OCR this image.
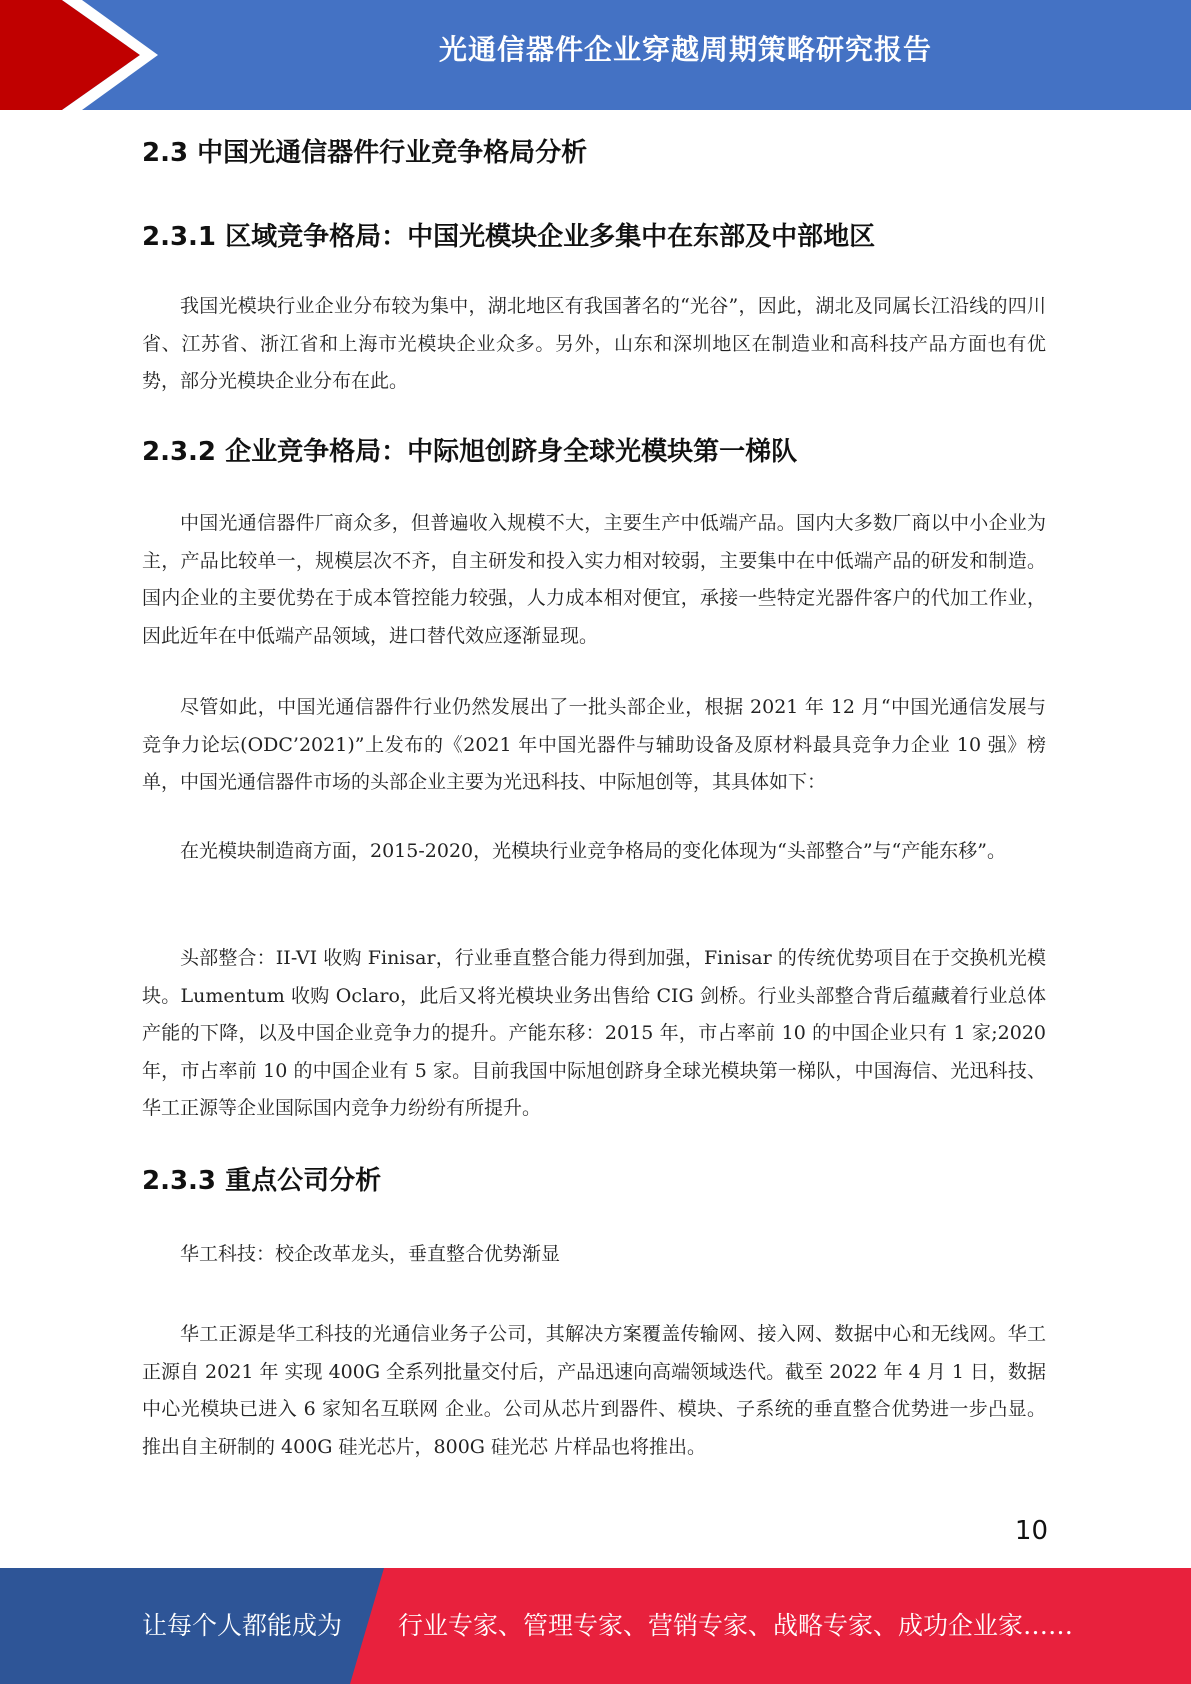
光通信器件企业穿越周期策略研究报告
2.3 中国光通信器件行业竞争格局分析
2.3.1 区域竞争格局：中国光模块企业多集中在东部及中部地区

我国光模块行业企业分布较为集中，湖北地区有我国著名的“光谷”，因此，湖北及同属长江沿线的四川省、江苏省、浙江省和上海市光模块企业众多。另外，山东和深圳地区在制造业和高科技产品方面也有优势，部分光模块企业分布在此。

2.3.2 企业竞争格局：中际旭创跻身全球光模块第一梯队

中国光通信器件厂商众多，但普遍收入规模不大，主要生产中低端产品。国内大多数厂商以中小企业为主，产品比较单一，规模层次不齐，自主研发和投入实力相对较弱，主要集中在中低端产品的研发和制造。国内企业的主要优势在于成本管控能力较强，人力成本相对便宜，承接一些特定光器件客户的代加工作业，因此近年在中低端产品领域，进口替代效应逐渐显现。

尽管如此，中国光通信器件行业仍然发展出了一批头部企业，根据 2021 年 12 月“中国光通信发展与竞争力论坛(ODC’2021)”上发布的《2021 年中国光器件与辅助设备及原材料最具竞争力企业 10 强》榜单，中国光通信器件市场的头部企业主要为光迅科技、中际旭创等，其具体如下：

在光模块制造商方面，2015-2020，光模块行业竞争格局的变化体现为“头部整合”与“产能东移”。

头部整合：II-VI 收购 Finisar，行业垂直整合能力得到加强，Finisar 的传统优势项目在于交换机光模块。Lumentum 收购 Oclaro，此后又将光模块业务出售给 CIG 剑桥。行业头部整合背后蕴藏着行业总体产能的下降，以及中国企业竞争力的提升。产能东移：2015 年，市占率前 10 的中国企业只有 1 家;2020 年，市占率前 10 的中国企业有 5 家。目前我国中际旭创跻身全球光模块第一梯队，中国海信、光迅科技、华工正源等企业国际国内竞争力纷纷有所提升。

2.3.3 重点公司分析

华工科技：校企改革龙头，垂直整合优势渐显

华工正源是华工科技的光通信业务子公司，其解决方案覆盖传输网、接入网、数据中心和无线网。华工正源自 2021 年 实现 400G 全系列批量交付后，产品迅速向高端领域迭代。截至 2022 年 4 月 1 日，数据中心光模块已进入 6 家知名互联网 企业。公司从芯片到器件、模块、子系统的垂直整合优势进一步凸显。推出自主研制的 400G 硅光芯片，800G 硅光芯 片样品也将推出。

10
让每个人都能成为 行业专家、管理专家、营销专家、战略专家、成功企业家……
